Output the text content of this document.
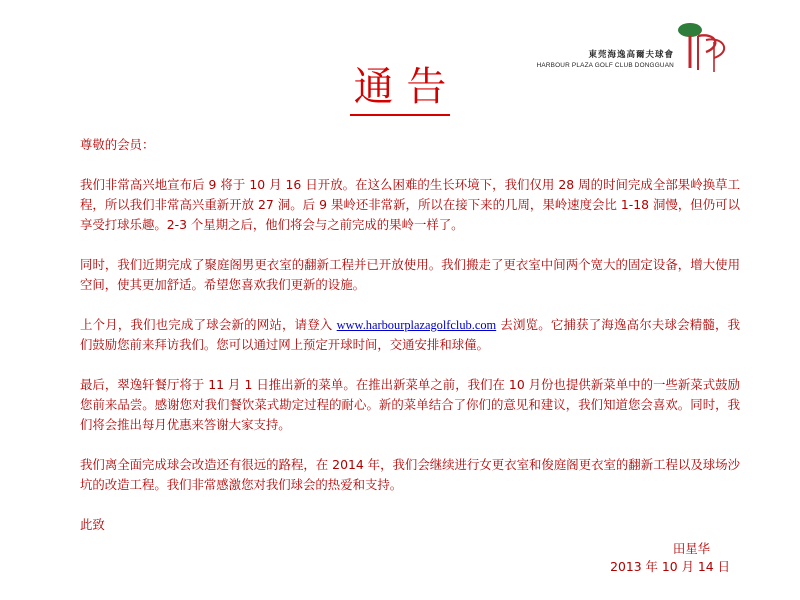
東莞海逸高爾夫球會
HARBOUR PLAZA GOLF CLUB DONGGUAN
通 告

尊敬的会员：

我们非常高兴地宣布后 9 将于 10 月 16 日开放。在这么困难的生长环境下，我们仅用 28 周的时间完成全部果岭换草工程，所以我们非常高兴重新开放 27 洞。后 9 果岭还非常新，所以在接下来的几周，果岭速度会比 1-18 洞慢，但仍可以享受打球乐趣。2-3 个星期之后，他们将会与之前完成的果岭一样了。

同时，我们近期完成了聚庭阁男更衣室的翻新工程并已开放使用。我们搬走了更衣室中间两个宽大的固定设备，增大使用空间，使其更加舒适。希望您喜欢我们更新的设施。

上个月，我们也完成了球会新的网站，请登入 www.harbourplazagolfclub.com 去浏览。它捕获了海逸高尔夫球会精髓，我们鼓励您前来拜访我们。您可以通过网上预定开球时间，交通安排和球僮。

最后，翠逸轩餐厅将于 11 月 1 日推出新的菜单。在推出新菜单之前，我们在 10 月份也提供新菜单中的一些新菜式鼓励您前来品尝。感谢您对我们餐饮菜式勘定过程的耐心。新的菜单结合了你们的意见和建议，我们知道您会喜欢。同时，我们将会推出每月优惠来答谢大家支持。

我们离全面完成球会改造还有很远的路程，在 2014 年，我们会继续进行女更衣室和俊庭阁更衣室的翻新工程以及球场沙坑的改造工程。我们非常感激您对我们球会的热爱和支持。

此致

田星华
2013 年 10 月 14 日
